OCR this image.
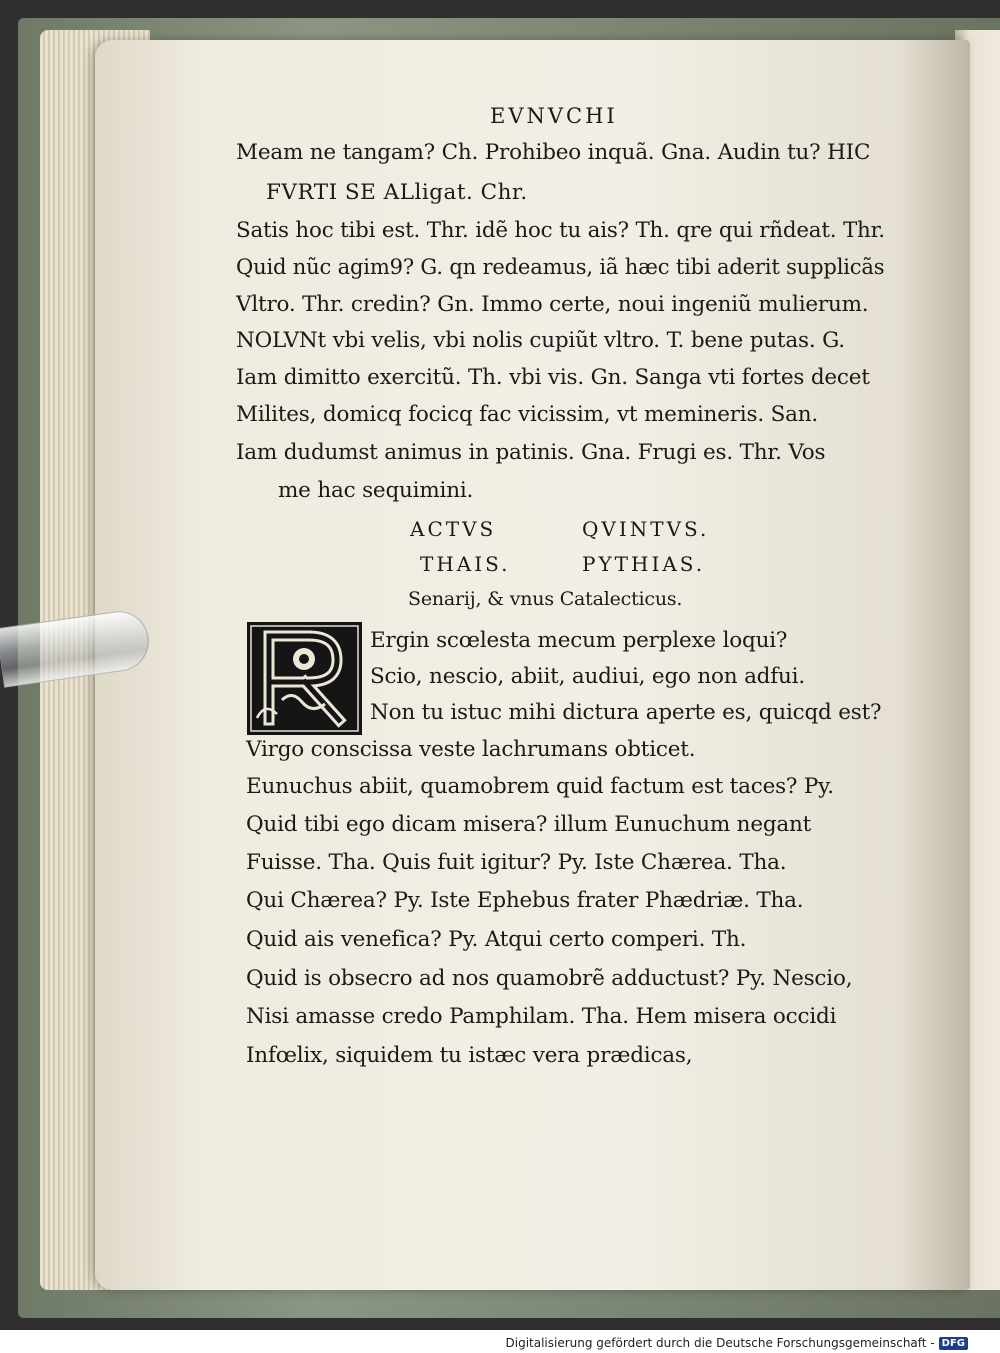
EVNVCHI
Meam ne tangam? Ch. Prohibeo inquã. Gna. Audin tu? HIC
FVRTI SE ALligat. Chr.
Satis hoc tibi est. Thr. idẽ hoc tu ais? Th. qre qui rñdeat. Thr.
Quid nũc agim9? G. qn redeamus, iã hæc tibi aderit supplicãs
Vltro. Thr. credin? Gn. Immo certe, noui ingeniũ mulierum.
NOLVNt vbi velis, vbi nolis cupiũt vltro. T. bene putas. G.
Iam dimitto exercitũ. Th. vbi vis. Gn. Sanga vti fortes decet
Milites, domicq focicq fac vicissim, vt memineris. San.
Iam dudumst animus in patinis. Gna. Frugi es. Thr. Vos
me hac sequimini.
ACTVS	QVINTVS.
THAIS.	PYTHIAS.
Senarij, & vnus Catalecticus.
Ergin scœlesta mecum perplexe loqui?
Scio, nescio, abiit, audiui, ego non adfui.
Non tu istuc mihi dictura aperte es, quicqd est?
Virgo conscissa veste lachrumans obticet.
Eunuchus abiit, quamobrem quid factum est taces? Py.
Quid tibi ego dicam misera? illum Eunuchum negant
Fuisse. Tha. Quis fuit igitur? Py. Iste Chærea. Tha.
Qui Chærea? Py. Iste Ephebus frater Phædriæ. Tha.
Quid ais venefica? Py. Atqui certo comperi. Th.
Quid is obsecro ad nos quamobrẽ adductust? Py. Nescio,
Nisi amasse credo Pamphilam. Tha. Hem misera occidi
Infœlix, siquidem tu istæc vera prædicas,
Digitalisierung gefördert durch die Deutsche Forschungsgemeinschaft - DFG
